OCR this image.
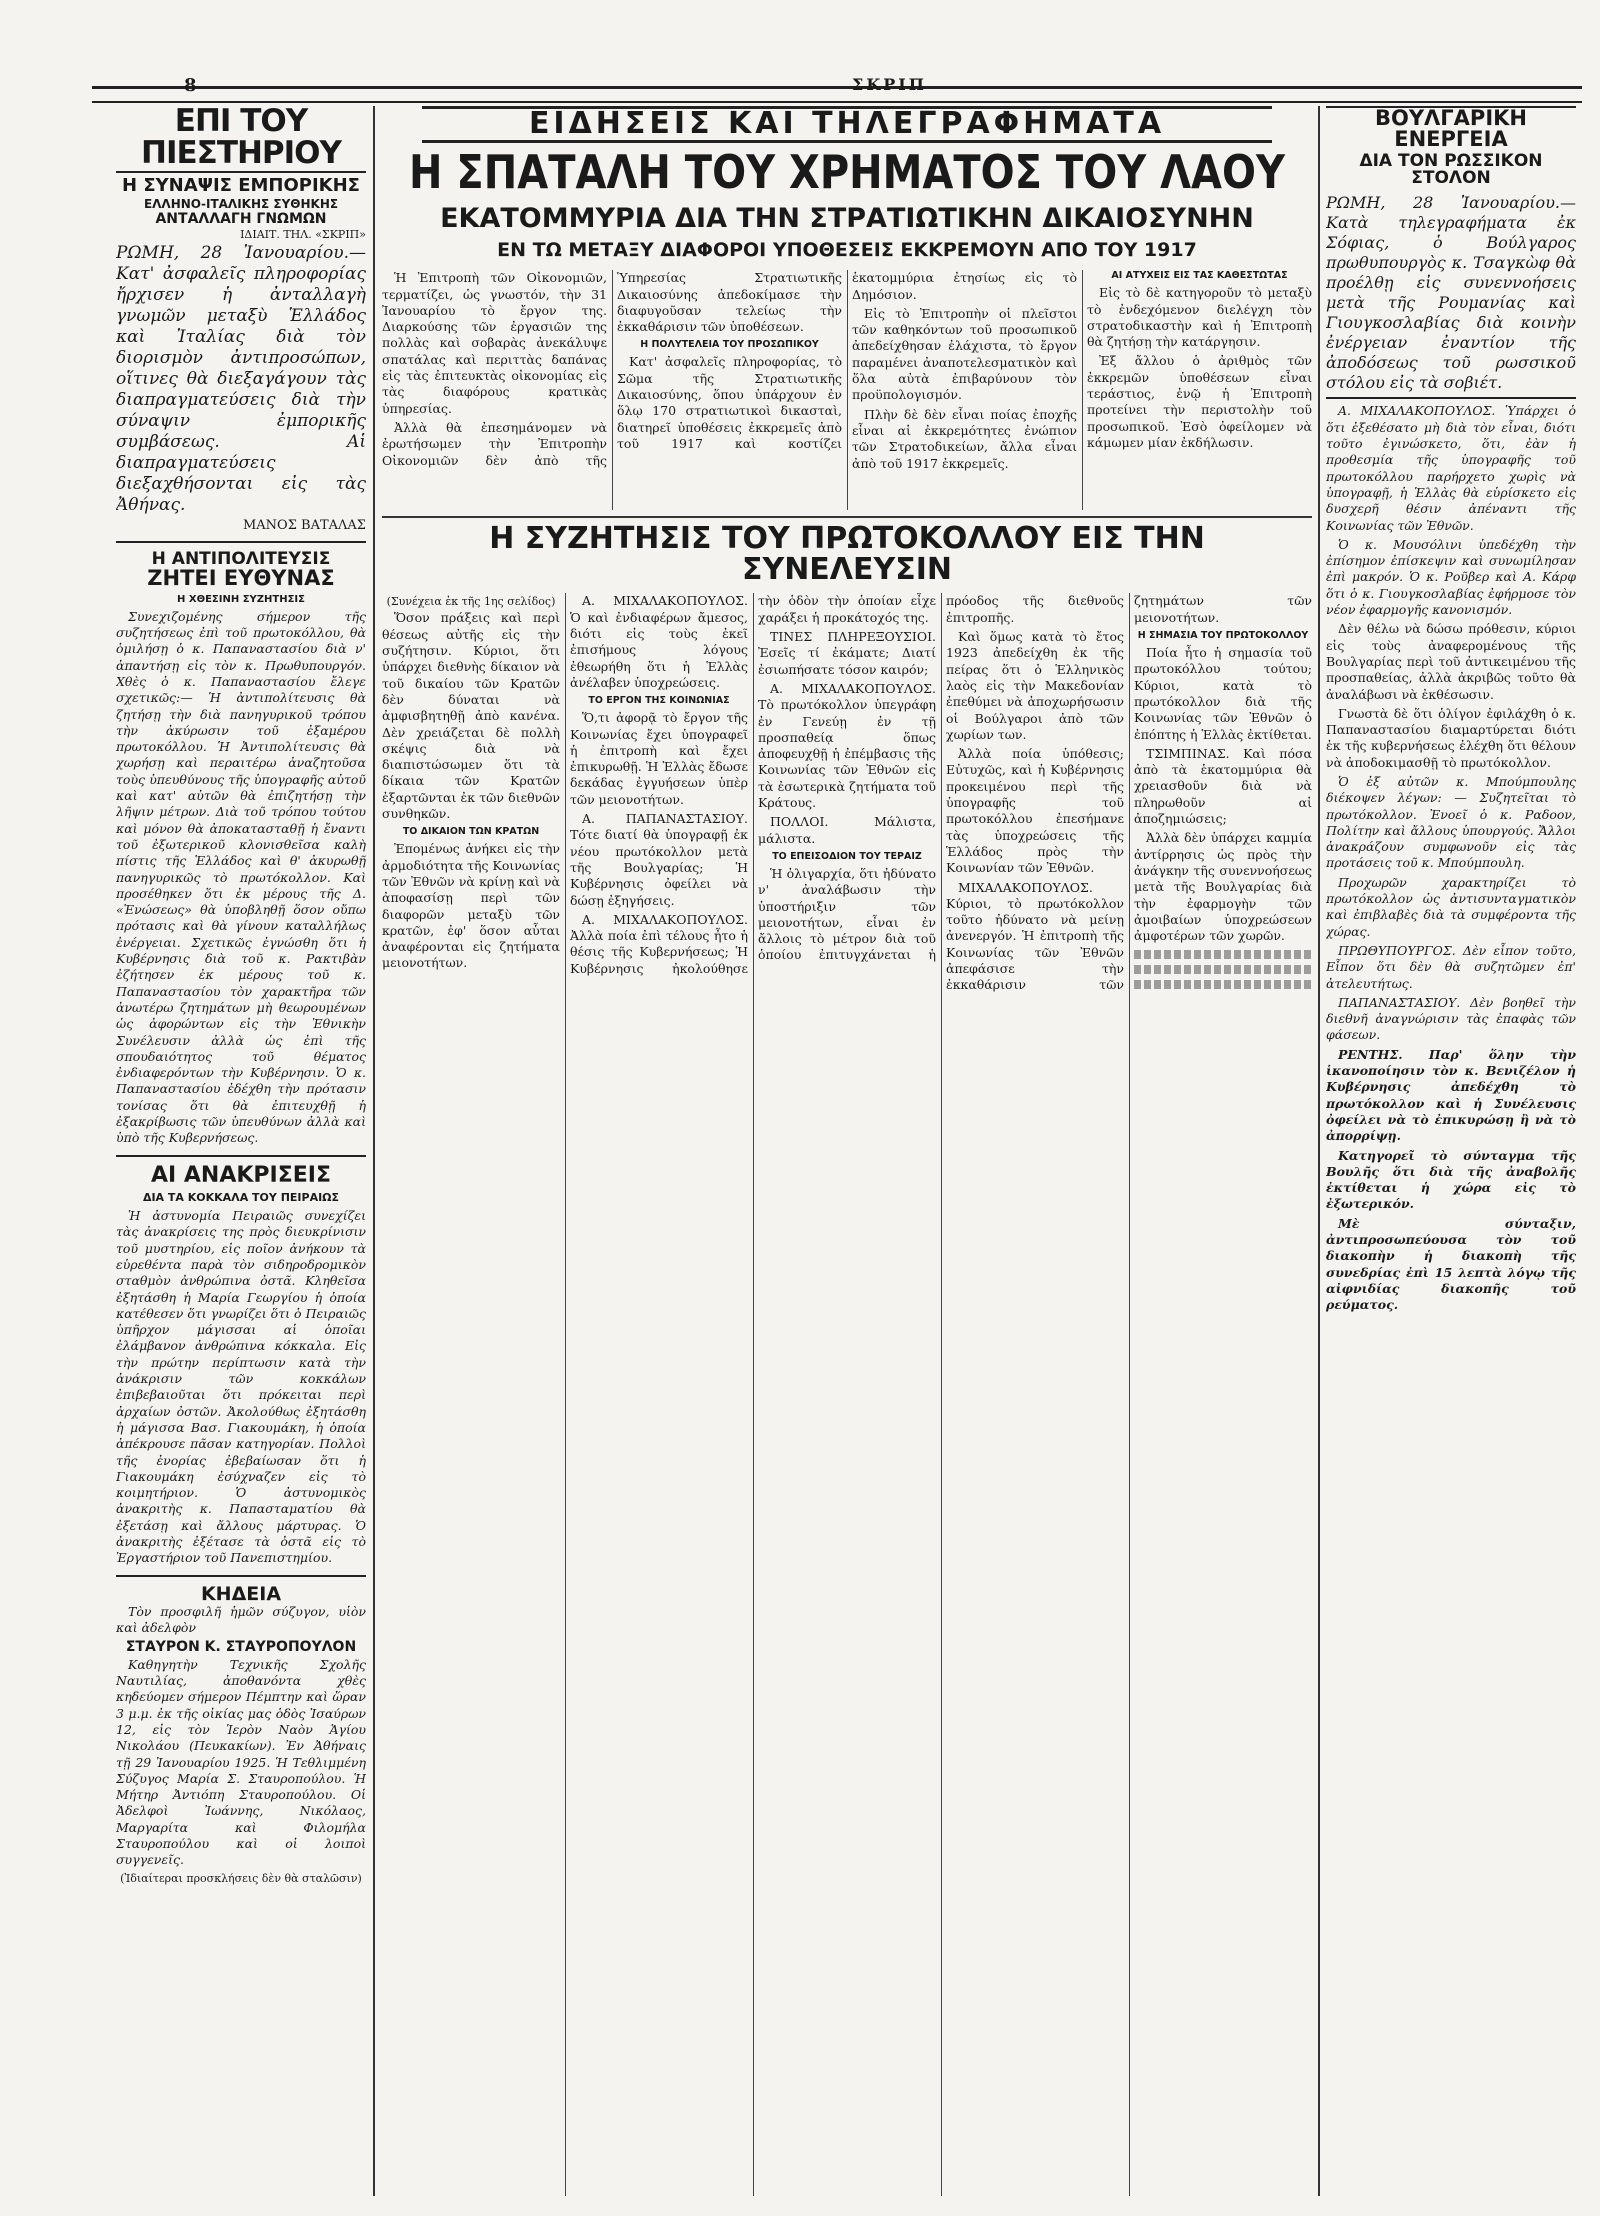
8	ΣΚΡΙΠ
ΕΠΙ ΤΟΥ ΠΙΕΣΤΗΡΙΟΥ
Η ΣΥΝΑΨΙΣ ΕΜΠΟΡΙΚΗΣ
ΕΛΛΗΝΟ-ΙΤΑΛΙΚΗΣ ΣΥΘΗΚΗΣ
ΑΝΤΑΛΛΑΓΗ ΓΝΩΜΩΝ
ΙΔΙΑΙΤ. ΤΗΛ. «ΣΚΡΙΠ»

ΡΩΜΗ, 28 Ἰανουαρίου.— Κατ' ἀσφαλεῖς πληροφορίας ἤρχισεν ἡ ἀνταλλαγὴ γνωμῶν μεταξὺ Ἑλλάδος καὶ Ἰταλίας διὰ τὸν διορισμὸν ἀντιπροσώπων, οἵτινες θὰ διεξαγάγουν τὰς διαπραγματεύσεις διὰ τὴν σύναψιν ἐμπορικῆς συμβάσεως. Αἱ διαπραγματεύσεις διεξαχθήσονται εἰς τὰς Ἀθήνας.

ΜΑΝΟΣ ΒΑΤΑΛΑΣ
Η ΑΝΤΙΠΟΛΙΤΕΥΣΙΣ
ΖΗΤΕΙ ΕΥΘΥΝΑΣ
Η ΧΘΕΣΙΝΗ ΣΥΖΗΤΗΣΙΣ

Συνεχιζομένης σήμερον τῆς συζητήσεως ἐπὶ τοῦ πρωτοκόλλου, θὰ ὁμιλήσῃ ὁ κ. Παπαναστασίου διὰ ν' ἀπαντήσῃ εἰς τὸν κ. Πρωθυπουργόν. Χθὲς ὁ κ. Παπαναστασίου ἔλεγε σχετικῶς:— Ἡ ἀντιπολίτευσις θὰ ζητήσῃ τὴν διὰ πανηγυρικοῦ τρόπου τὴν ἀκύρωσιν τοῦ ἐξαμέρου πρωτοκόλλου. Ἡ Ἀντιπολίτευσις θὰ χωρήσῃ καὶ περαιτέρω ἀναζητοῦσα τοὺς ὑπευθύνους τῆς ὑπογραφῆς αὐτοῦ καὶ κατ' αὐτῶν θὰ ἐπιζητήσῃ τὴν λῆψιν μέτρων. Διὰ τοῦ τρόπου τούτου καὶ μόνον θὰ ἀποκατασταθῇ ἡ ἔναντι τοῦ ἐξωτερικοῦ κλονισθεῖσα καλὴ πίστις τῆς Ἑλλάδος καὶ θ' ἀκυρωθῇ πανηγυρικῶς τὸ πρωτόκολλον. Καὶ προσέθηκεν ὅτι ἐκ μέρους τῆς Δ. «Ἑνώσεως» θὰ ὑποβληθῇ ὅσον οὔπω πρότασις καὶ θὰ γίνουν καταλλήλως ἐνέργειαι. Σχετικῶς ἐγνώσθη ὅτι ἡ Κυβέρνησις διὰ τοῦ κ. Ρακτιβὰν ἐζήτησεν ἐκ μέρους τοῦ κ. Παπαναστασίου τὸν χαρακτῆρα τῶν ἀνωτέρω ζητημάτων μὴ θεωρουμένων ὡς ἀφορώντων εἰς τὴν Ἐθνικὴν Συνέλευσιν ἀλλὰ ὡς ἐπὶ τῆς σπουδαιότητος τοῦ θέματος ἐνδιαφερόντων τὴν Κυβέρνησιν. Ὁ κ. Παπαναστασίου ἐδέχθη τὴν πρότασιν τονίσας ὅτι θὰ ἐπιτευχθῇ ἡ ἐξακρίβωσις τῶν ὑπευθύνων ἀλλὰ καὶ ὑπὸ τῆς Κυβερνήσεως.

ΑΙ ΑΝΑΚΡΙΣΕΙΣ
ΔΙΑ ΤΑ ΚΟΚΚΑΛΑ ΤΟΥ ΠΕΙΡΑΙΩΣ

Ἡ ἀστυνομία Πειραιῶς συνεχίζει τὰς ἀνακρίσεις της πρὸς διευκρίνισιν τοῦ μυστηρίου, εἰς ποῖον ἀνήκουν τὰ εὑρεθέντα παρὰ τὸν σιδηροδρομικὸν σταθμὸν ἀνθρώπινα ὀστᾶ. Κληθεῖσα ἐξητάσθη ἡ Μαρία Γεωργίου ἡ ὁποία κατέθεσεν ὅτι γνωρίζει ὅτι ὁ Πειραιῶς ὑπῆρχον μάγισσαι αἱ ὁποῖαι ἐλάμβανον ἀνθρώπινα κόκκαλα. Εἰς τὴν πρώτην περίπτωσιν κατὰ τὴν ἀνάκρισιν τῶν κοκκάλων ἐπιβεβαιοῦται ὅτι πρόκειται περὶ ἀρχαίων ὀστῶν. Ἀκολούθως ἐξητάσθη ἡ μάγισσα Βασ. Γιακουμάκη, ἡ ὁποία ἀπέκρουσε πᾶσαν κατηγορίαν. Πολλοὶ τῆς ἐνορίας ἐβεβαίωσαν ὅτι ἡ Γιακουμάκη ἐσύχναζεν εἰς τὸ κοιμητήριον. Ὁ ἀστυνομικὸς ἀνακριτὴς κ. Παπασταματίου θὰ ἐξετάσῃ καὶ ἄλλους μάρτυρας. Ὁ ἀνακριτὴς ἐξέτασε τὰ ὀστᾶ εἰς τὸ Ἐργαστήριον τοῦ Πανεπιστημίου.

ΚΗΔΕΙΑ

Τὸν προσφιλῆ ἡμῶν σύζυγον, υἱὸν καὶ ἀδελφὸν

ΣΤΑΥΡΟΝ Κ. ΣΤΑΥΡΟΠΟΥΛΟΝ

Καθηγητὴν Τεχνικῆς Σχολῆς Ναυτιλίας, ἀποθανόντα χθὲς κηδεύομεν σήμερον Πέμπτην καὶ ὥραν 3 μ.μ. ἐκ τῆς οἰκίας μας ὁδὸς Ἰσαύρων 12, εἰς τὸν Ἱερὸν Ναὸν Ἁγίου Νικολάου (Πευκακίων). Ἐν Ἀθήναις τῇ 29 Ἰανουαρίου 1925. Ἡ Τεθλιμμένη Σύζυγος Μαρία Σ. Σταυροπούλου. Ἡ Μήτηρ Ἀντιόπη Σταυροπούλου. Οἱ Ἀδελφοὶ Ἰωάννης, Νικόλαος, Μαργαρίτα καὶ Φιλομήλα Σταυροπούλου καὶ οἱ λοιποὶ συγγενεῖς.

(Ἰδιαίτεραι προσκλήσεις δὲν θὰ σταλῶσιν)
ΕΙΔΗΣΕΙΣ ΚΑΙ ΤΗΛΕΓΡΑΦΗΜΑΤΑ
Η ΣΠΑΤΑΛΗ ΤΟΥ ΧΡΗΜΑΤΟΣ ΤΟΥ ΛΑΟΥ
ΕΚΑΤΟΜΜΥΡΙΑ ΔΙΑ ΤΗΝ ΣΤΡΑΤΙΩΤΙΚΗΝ ΔΙΚΑΙΟΣΥΝΗΝ
ΕΝ ΤΩ ΜΕΤΑΞΥ ΔΙΑΦΟΡΟΙ ΥΠΟΘΕΣΕΙΣ ΕΚΚΡΕΜΟΥΝ ΑΠΟ ΤΟΥ 1917

Ἡ Ἐπιτροπὴ τῶν Οἰκονομιῶν, τερματίζει, ὡς γνωστόν, τὴν 31 Ἰανουαρίου τὸ ἔργον της. Διαρκούσης τῶν ἐργασιῶν της πολλὰς καὶ σοβαρὰς ἀνεκάλυψε σπατάλας καὶ περιττὰς δαπάνας εἰς τὰς ἐπιτευκτὰς οἰκονομίας εἰς τὰς διαφόρους κρατικὰς ὑπηρεσίας.

Ἀλλὰ θὰ ἐπεσημάνομεν νὰ ἐρωτήσωμεν τὴν Ἐπιτροπὴν Οἰκονομιῶν δὲν ἀπὸ τῆς Ὑπηρεσίας Στρατιωτικῆς Δικαιοσύνης ἀπεδοκίμασε τὴν διαφυγοῦσαν τελείως τὴν ἐκκαθάρισιν τῶν ὑποθέσεων.

Η ΠΟΛΥΤΕΛΕΙΑ ΤΟΥ ΠΡΟΣΩΠΙΚΟΥ

Κατ' ἀσφαλεῖς πληροφορίας, τὸ Σῶμα τῆς Στρατιωτικῆς Δικαιοσύνης, ὅπου ὑπάρχουν ἐν ὅλῳ 170 στρατιωτικοὶ δικασταὶ, διατηρεῖ ὑποθέσεις ἐκκρεμεῖς ἀπὸ τοῦ 1917 καὶ κοστίζει ἑκατομμύρια ἐτησίως εἰς τὸ Δημόσιον.

Εἰς τὸ Ἐπιτροπὴν οἱ πλεῖστοι τῶν καθηκόντων τοῦ προσωπικοῦ ἀπεδείχθησαν ἐλάχιστα, τὸ ἔργον παραμένει ἀναποτελεσματικὸν καὶ ὅλα αὐτὰ ἐπιβαρύνουν τὸν προϋπολογισμόν.

Πλὴν δὲ δὲν εἶναι ποίας ἐποχῆς εἶναι αἱ ἐκκρεμότητες ἐνώπιον τῶν Στρατοδικείων, ἄλλα εἶναι ἀπὸ τοῦ 1917 ἐκκρεμεῖς.

ΑΙ ΑΤΥΧΕΙΣ ΕΙΣ ΤΑΣ ΚΑΘΕΣΤΩΤΑΣ

Εἰς τὸ δὲ κατηγοροῦν τὸ μεταξὺ τὸ ἐνδεχόμενον διελέγχη τὸν στρατοδικαστὴν καὶ ἡ Ἐπιτροπὴ θὰ ζητήσῃ τὴν κατάργησιν.

Ἐξ ἄλλου ὁ ἀριθμὸς τῶν ἐκκρεμῶν ὑποθέσεων εἶναι τεράστιος, ἐνῷ ἡ Ἐπιτροπὴ προτείνει τὴν περιστολὴν τοῦ προσωπικοῦ. Ἐσὸ ὀφείλομεν νὰ κάμωμεν μίαν ἐκδήλωσιν.

Η ΣΥΖΗΤΗΣΙΣ ΤΟΥ ΠΡΩΤΟΚΟΛΛΟΥ ΕΙΣ ΤΗΝ ΣΥΝΕΛΕΥΣΙΝ
(Συνέχεια ἐκ τῆς 1ης σελίδος)

Ὅσον πράξεις καὶ περὶ θέσεως αὐτῆς εἰς τὴν συζήτησιν. Κύριοι, ὅτι ὑπάρχει διεθνὴς δίκαιον νὰ τοῦ δικαίου τῶν Κρατῶν δὲν δύναται νὰ ἀμφισβητηθῇ ἀπὸ κανένα. Δὲν χρειάζεται δὲ πολλὴ σκέψις διὰ νὰ διαπιστώσωμεν ὅτι τὰ δίκαια τῶν Κρατῶν ἐξαρτῶνται ἐκ τῶν διεθνῶν συνθηκῶν.

ΤΟ ΔΙΚΑΙΟΝ ΤΩΝ ΚΡΑΤΩΝ

Ἐπομένως ἀνήκει εἰς τὴν ἀρμοδιότητα τῆς Κοινωνίας τῶν Ἐθνῶν νὰ κρίνῃ καὶ νὰ ἀποφασίσῃ περὶ τῶν διαφορῶν μεταξὺ τῶν κρατῶν, ἐφ' ὅσον αὗται ἀναφέρονται εἰς ζητήματα μειονοτήτων.

Α. ΜΙΧΑΛΑΚΟΠΟΥΛΟΣ. Ὁ καὶ ἐνδιαφέρων ἄμεσος, διότι εἰς τοὺς ἐκεῖ ἐπισήμους λόγους ἐθεωρήθη ὅτι ἡ Ἑλλὰς ἀνέλαβεν ὑποχρεώσεις.

ΤΟ ΕΡΓΟΝ ΤΗΣ ΚΟΙΝΩΝΙΑΣ

Ὅ,τι ἀφορᾷ τὸ ἔργον τῆς Κοινωνίας ἔχει ὑπογραφεῖ ἡ ἐπιτροπὴ καὶ ἔχει ἐπικυρωθῇ. Ἡ Ἑλλὰς ἔδωσε δεκάδας ἐγγυήσεων ὑπὲρ τῶν μειονοτήτων.

Α. ΠΑΠΑΝΑΣΤΑΣΙΟΥ. Τότε διατί θὰ ὑπογραφῇ ἐκ νέου πρωτόκολλον μετὰ τῆς Βουλγαρίας; Ἡ Κυβέρνησις ὀφείλει νὰ δώσῃ ἐξηγήσεις.

Α. ΜΙΧΑΛΑΚΟΠΟΥΛΟΣ. Ἀλλὰ ποία ἐπὶ τέλους ἦτο ἡ θέσις τῆς Κυβερνήσεως; Ἡ Κυβέρνησις ἠκολούθησε τὴν ὁδὸν τὴν ὁποίαν εἶχε χαράξει ἡ προκάτοχός της.

ΤΙΝΕΣ ΠΛΗΡΕΞΟΥΣΙΟΙ. Ἐσεῖς τί ἐκάματε; Διατί ἐσιωπήσατε τόσον καιρόν;

Α. ΜΙΧΑΛΑΚΟΠΟΥΛΟΣ. Τὸ πρωτόκολλον ὑπεγράφη ἐν Γενεύῃ ἐν τῇ προσπαθείᾳ ὅπως ἀποφευχθῇ ἡ ἐπέμβασις τῆς Κοινωνίας τῶν Ἐθνῶν εἰς τὰ ἐσωτερικὰ ζητήματα τοῦ Κράτους.

ΠΟΛΛΟΙ. Μάλιστα, μάλιστα.

ΤΟ ΕΠΕΙΣΟΔΙΟΝ ΤΟΥ ΤΕΡΑΙΖ

Ἡ ὀλιγαρχία, ὅτι ἠδύνατο ν' ἀναλάβωσιν τὴν ὑποστήριξιν τῶν μειονοτήτων, εἶναι ἐν ἄλλοις τὸ μέτρον διὰ τοῦ ὁποίου ἐπιτυγχάνεται ἡ πρόοδος τῆς διεθνοῦς ἐπιτροπῆς.

Καὶ ὅμως κατὰ τὸ ἔτος 1923 ἀπεδείχθη ἐκ τῆς πείρας ὅτι ὁ Ἑλληνικὸς λαὸς εἰς τὴν Μακεδονίαν ἐπεθύμει νὰ ἀποχωρήσωσιν οἱ Βούλγαροι ἀπὸ τῶν χωρίων των.

Ἀλλὰ ποία ὑπόθεσις; Εὐτυχῶς, καὶ ἡ Κυβέρνησις προκειμένου περὶ τῆς ὑπογραφῆς τοῦ πρωτοκόλλου ἐπεσήμανε τὰς ὑποχρεώσεις τῆς Ἑλλάδος πρὸς τὴν Κοινωνίαν τῶν Ἐθνῶν.

ΜΙΧΑΛΑΚΟΠΟΥΛΟΣ. Κύριοι, τὸ πρωτόκολλον τοῦτο ἠδύνατο νὰ μείνῃ ἀνενεργόν. Ἡ ἐπιτροπὴ τῆς Κοινωνίας τῶν Ἐθνῶν ἀπεφάσισε τὴν ἐκκαθάρισιν τῶν ζητημάτων τῶν μειονοτήτων.

Η ΣΗΜΑΣΙΑ ΤΟΥ ΠΡΩΤΟΚΟΛΛΟΥ

Ποία ἦτο ἡ σημασία τοῦ πρωτοκόλλου τούτου; Κύριοι, κατὰ τὸ πρωτόκολλον διὰ τῆς Κοινωνίας τῶν Ἐθνῶν ὁ ἐπόπτης ἡ Ἑλλὰς ἐκτίθεται.

ΤΣΙΜΠΙΝΑΣ. Καὶ πόσα ἀπὸ τὰ ἑκατομμύρια θὰ χρειασθοῦν διὰ νὰ πληρωθοῦν αἱ ἀποζημιώσεις;

Ἀλλὰ δὲν ὑπάρχει καμμία ἀντίρρησις ὡς πρὸς τὴν ἀνάγκην τῆς συνεννοήσεως μετὰ τῆς Βουλγαρίας διὰ τὴν ἐφαρμογὴν τῶν ἀμοιβαίων ὑποχρεώσεων ἀμφοτέρων τῶν χωρῶν.

ΒΟΥΛΓΑΡΙΚΗ ΕΝΕΡΓΕΙΑ
ΔΙΑ ΤΟΝ ΡΩΣΣΙΚΟΝ ΣΤΟΛΟΝ

ΡΩΜΗ, 28 Ἰανουαρίου.— Κατὰ τηλεγραφήματα ἐκ Σόφιας, ὁ Βούλγαρος πρωθυπουργὸς κ. Τσαγκὼφ θὰ προέλθῃ εἰς συνεννοήσεις μετὰ τῆς Ρουμανίας καὶ Γιουγκοσλαβίας διὰ κοινὴν ἐνέργειαν ἐναντίον τῆς ἀποδόσεως τοῦ ρωσσικοῦ στόλου εἰς τὰ σοβιέτ.

Α. ΜΙΧΑΛΑΚΟΠΟΥΛΟΣ. Ὑπάρχει ὁ ὅτι ἐξεθέσατο μὴ διὰ τὸν εἶναι, διότι τοῦτο ἐγινώσκετο, ὅτι, ἐὰν ἡ προθεσμία τῆς ὑπογραφῆς τοῦ πρωτοκόλλου παρήρχετο χωρὶς νὰ ὑπογραφῇ, ἡ Ἑλλὰς θὰ εὑρίσκετο εἰς δυσχερῆ θέσιν ἀπέναντι τῆς Κοινωνίας τῶν Ἐθνῶν.

Ὁ κ. Μουσόλινι ὑπεδέχθη τὴν ἐπίσημον ἐπίσκεψιν καὶ συνωμίλησαν ἐπὶ μακρόν. Ὁ κ. Ροῦβερ καὶ Α. Κάρφ ὅτι ὁ κ. Γιουγκοσλαβίας ἐφήρμοσε τὸν νέον ἐφαρμογῆς κανονισμόν.

Δὲν θέλω νὰ δώσω πρόθεσιν, κύριοι εἰς τοὺς ἀναφερομένους τῆς Βουλγαρίας περὶ τοῦ ἀντικειμένου τῆς προσπαθείας, ἀλλὰ ἀκριβῶς τοῦτο θὰ ἀναλάβωσι νὰ ἐκθέσωσιν.

Γνωστὰ δὲ ὅτι ὁλίγον ἐφιλάχθη ὁ κ. Παπαναστασίου διαμαρτύρεται διότι ἐκ τῆς κυβερνήσεως ἐλέχθη ὅτι θέλουν νὰ ἀποδοκιμασθῇ τὸ πρωτόκολλον.

Ὁ ἐξ αὐτῶν κ. Μπούμπουλης διέκοψεν λέγων: — Συζητεῖται τὸ πρωτόκολλον. Ἐνοεῖ ὁ κ. Ραδοον, Πολίτην καὶ ἄλλους ὑπουργούς. Ἄλλοι ἀνακράζουν συμφωνοῦν εἰς τὰς προτάσεις τοῦ κ. Μπούμπουλη.

Προχωρῶν χαρακτηρίζει τὸ πρωτόκολλον ὡς ἀντισυνταγματικὸν καὶ ἐπιβλαβὲς διὰ τὰ συμφέροντα τῆς χώρας.

ΠΡΩΘΥΠΟΥΡΓΟΣ. Δὲν εἶπον τοῦτο, Εἶπον ὅτι δὲν θὰ συζητῶμεν ἐπ' ἀτελευτήτως.

ΠΑΠΑΝΑΣΤΑΣΙΟΥ. Δὲν βοηθεῖ τὴν διεθνῆ ἀναγνώρισιν τὰς ἐπαφὰς τῶν φάσεων.

ΡΕΝΤΗΣ. Παρ' ὅλην τὴν ἱκανοποίησιν τὸν κ. Βενιζέλον ἡ Κυβέρνησις ἀπεδέχθη τὸ πρωτόκολλον καὶ ἡ Συνέλευσις ὀφείλει νὰ τὸ ἐπικυρώσῃ ἢ νὰ τὸ ἀπορρίψῃ.

Κατηγορεῖ τὸ σύνταγμα τῆς Βουλῆς ὅτι διὰ τῆς ἀναβολῆς ἐκτίθεται ἡ χώρα εἰς τὸ ἐξωτερικόν.

Μὲ σύνταξιν, ἀντιπροσωπεύουσα τὸν τοῦ διακοπὴν ἡ διακοπὴ τῆς συνεδρίας ἐπὶ 15 λεπτὰ λόγῳ τῆς αἰφνιδίας διακοπῆς τοῦ ρεύματος.
